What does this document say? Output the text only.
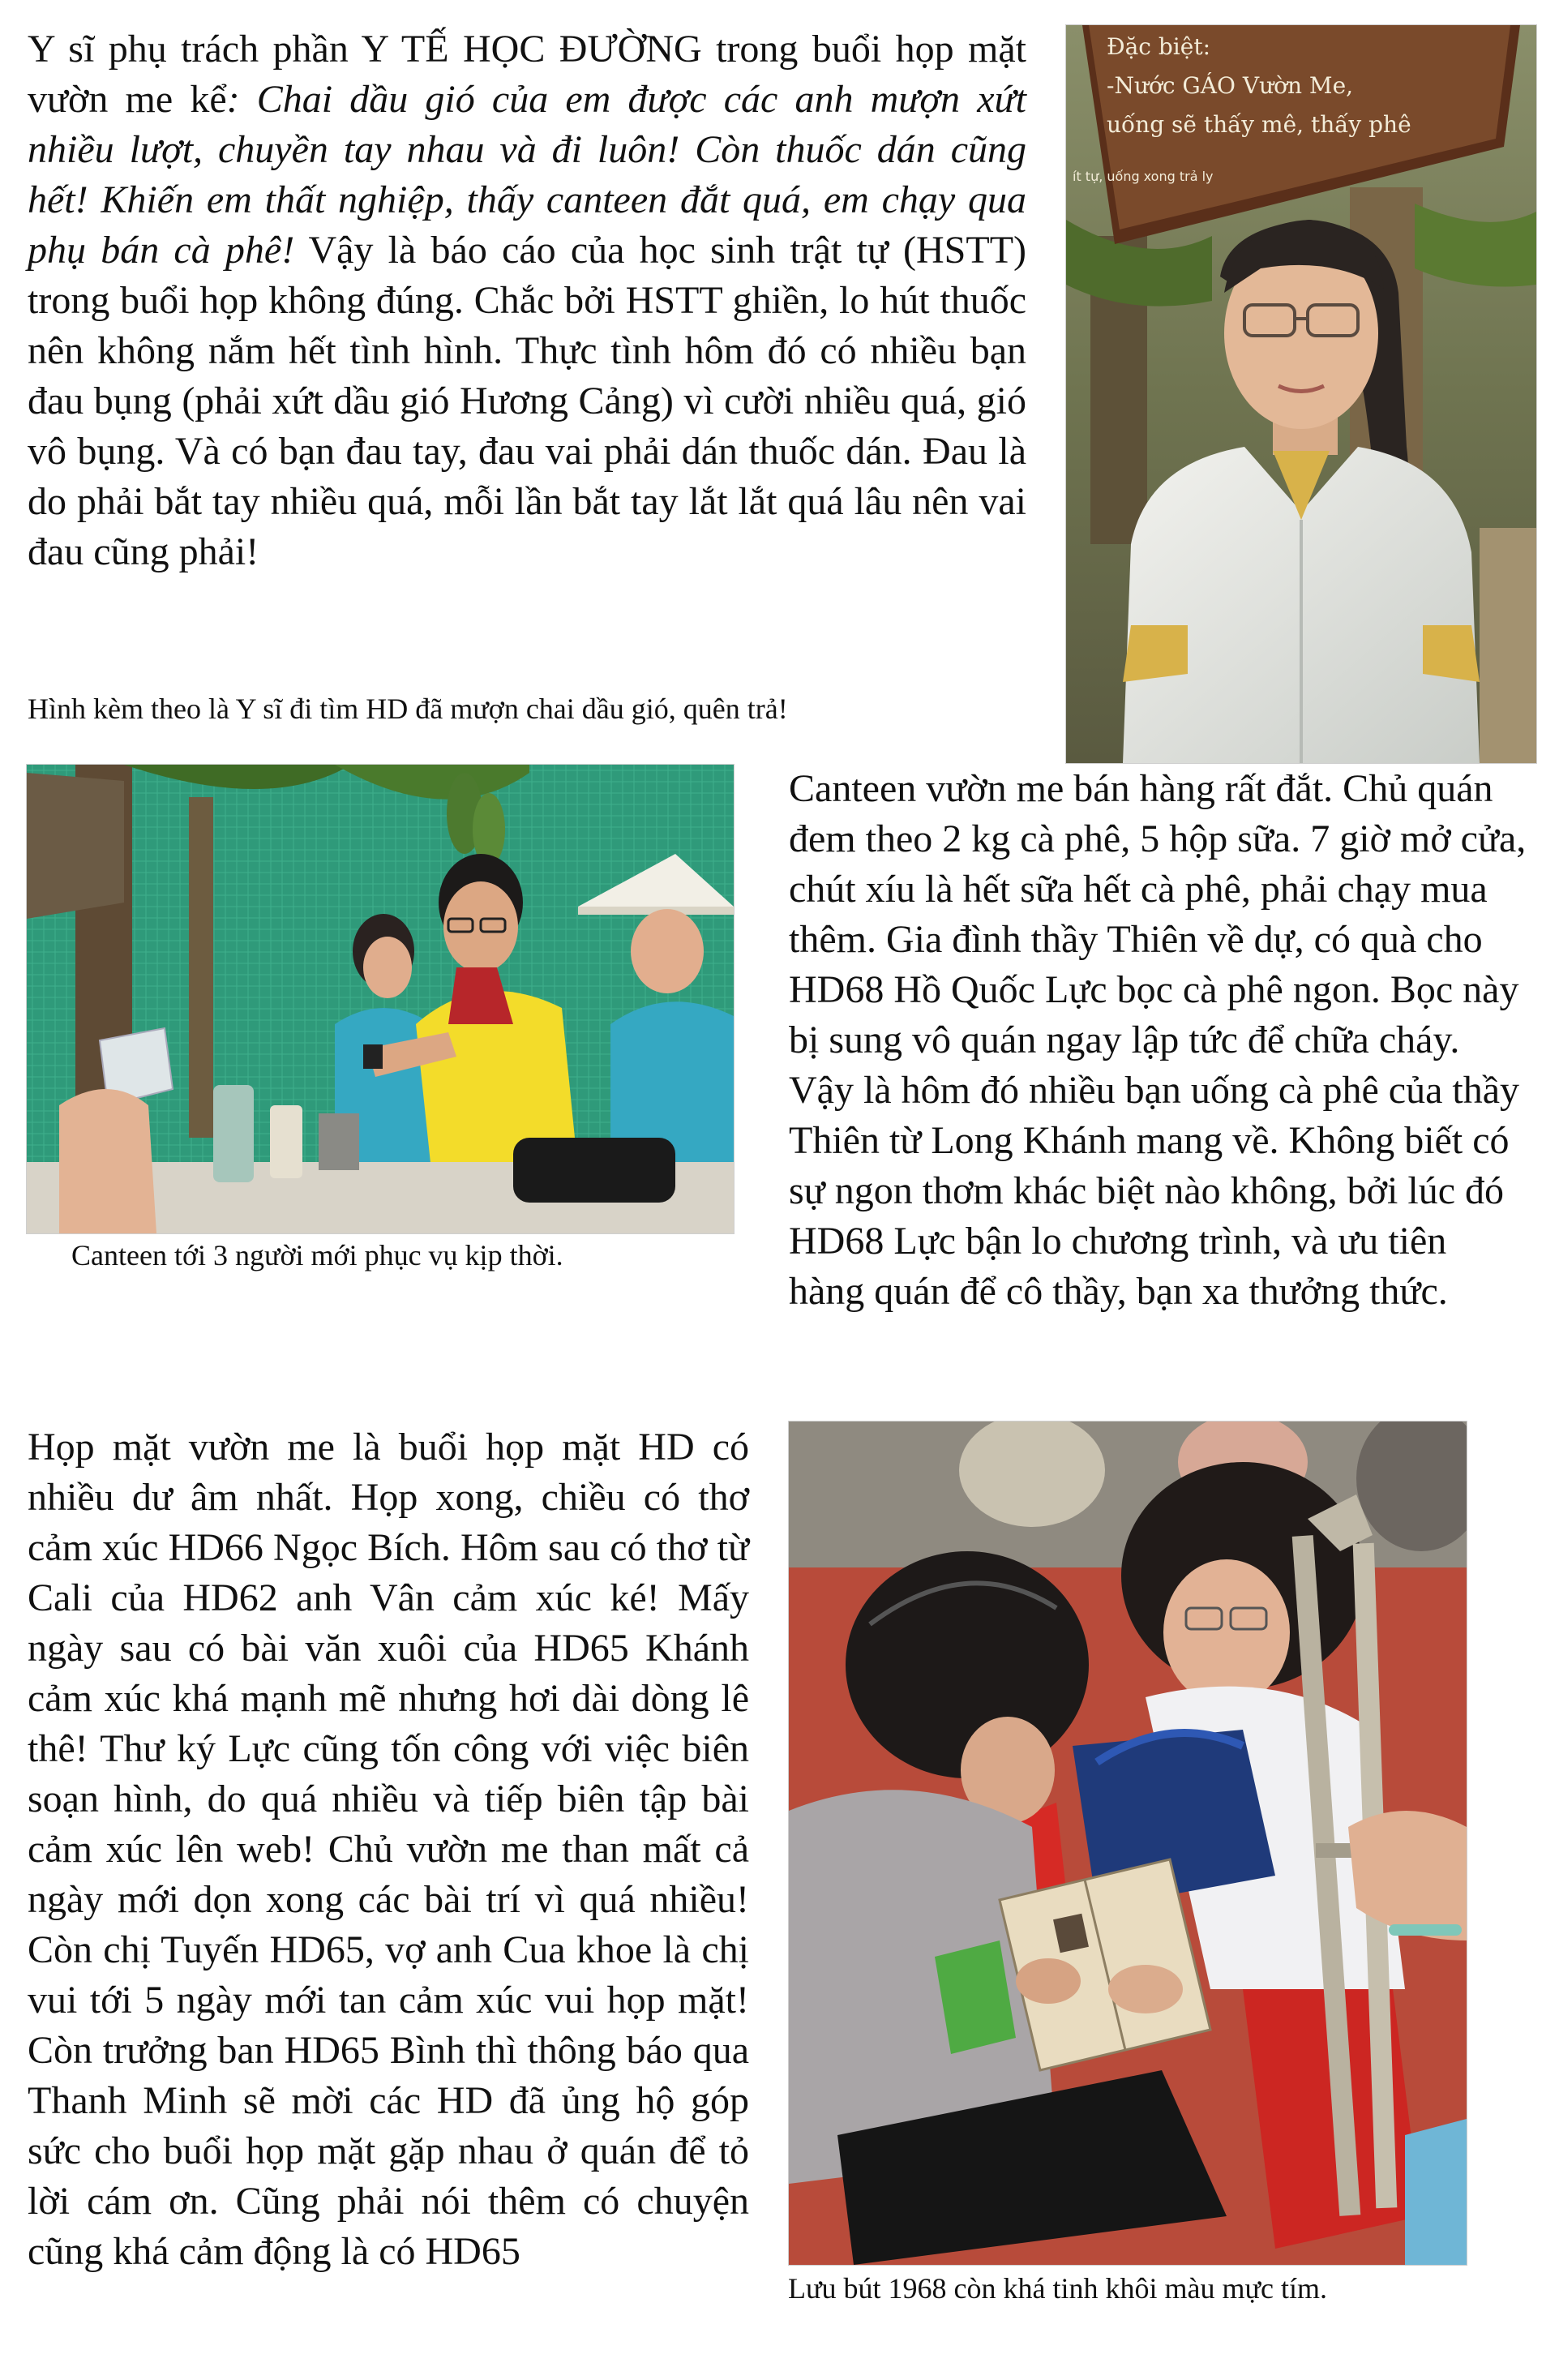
Y sĩ phụ trách phần Y TẾ HỌC ĐƯỜNG trong buổi họp mặt vườn me kể: Chai dầu gió của em được các anh mượn xứt nhiều lượt, chuyền tay nhau và đi luôn! Còn thuốc dán cũng hết! Khiến em thất nghiệp, thấy canteen đắt quá, em chạy qua phụ bán cà phê! Vậy là báo cáo của học sinh trật tự (HSTT) trong buổi họp không đúng. Chắc bởi HSTT ghiền, lo hút thuốc nên không nắm hết tình hình. Thực tình hôm đó có nhiều bạn đau bụng (phải xứt dầu gió Hương Cảng) vì cười nhiều quá, gió vô bụng. Và có bạn đau tay, đau vai phải dán thuốc dán. Đau là do phải bắt tay nhiều quá, mỗi lần bắt tay lắt lắt quá lâu nên vai đau cũng phải!

Hình kèm theo là Y sĩ đi tìm HD đã mượn chai dầu gió, quên trả!
Đặc biệt:
-Nước GÁO Vườn Me,
uống sẽ thấy mê, thấy phê
ít tự, uống xong trả ly
Canteen tới 3 người mới phục vụ kịp thời.

Canteen vườn me bán hàng rất đắt. Chủ quán đem theo 2 kg cà phê, 5 hộp sữa. 7 giờ mở cửa, chút xíu là hết sữa hết cà phê, phải chạy mua thêm. Gia đình thầy Thiên về dự, có quà cho HD68 Hồ Quốc Lực bọc cà phê ngon. Bọc này bị sung vô quán ngay lập tức để chữa cháy. Vậy là hôm đó nhiều bạn uống cà phê của thầy Thiên từ Long Khánh mang về. Không biết có sự ngon thơm khác biệt nào không, bởi lúc đó HD68 Lực bận lo chương trình, và ưu tiên hàng quán để cô thầy, bạn xa thưởng thức.

Họp mặt vườn me là buổi họp mặt HD có nhiều dư âm nhất. Họp xong, chiều có thơ cảm xúc HD66 Ngọc Bích. Hôm sau có thơ từ Cali của HD62 anh Vân cảm xúc ké! Mấy ngày sau có bài văn xuôi của HD65 Khánh cảm xúc khá mạnh mẽ nhưng hơi dài dòng lê thê! Thư ký Lực cũng tốn công với việc biên soạn hình, do quá nhiều và tiếp biên tập bài cảm xúc lên web! Chủ vườn me than mất cả ngày mới dọn xong các bài trí vì quá nhiều! Còn chị Tuyến HD65, vợ anh Cua khoe là chị vui tới 5 ngày mới tan cảm xúc vui họp mặt! Còn trưởng ban HD65 Bình thì thông báo qua Thanh Minh sẽ mời các HD đã ủng hộ góp sức cho buổi họp mặt gặp nhau ở quán để tỏ lời cám ơn. Cũng phải nói thêm có chuyện cũng khá cảm động là có HD65

Lưu bút 1968 còn khá tinh khôi màu mực tím.
